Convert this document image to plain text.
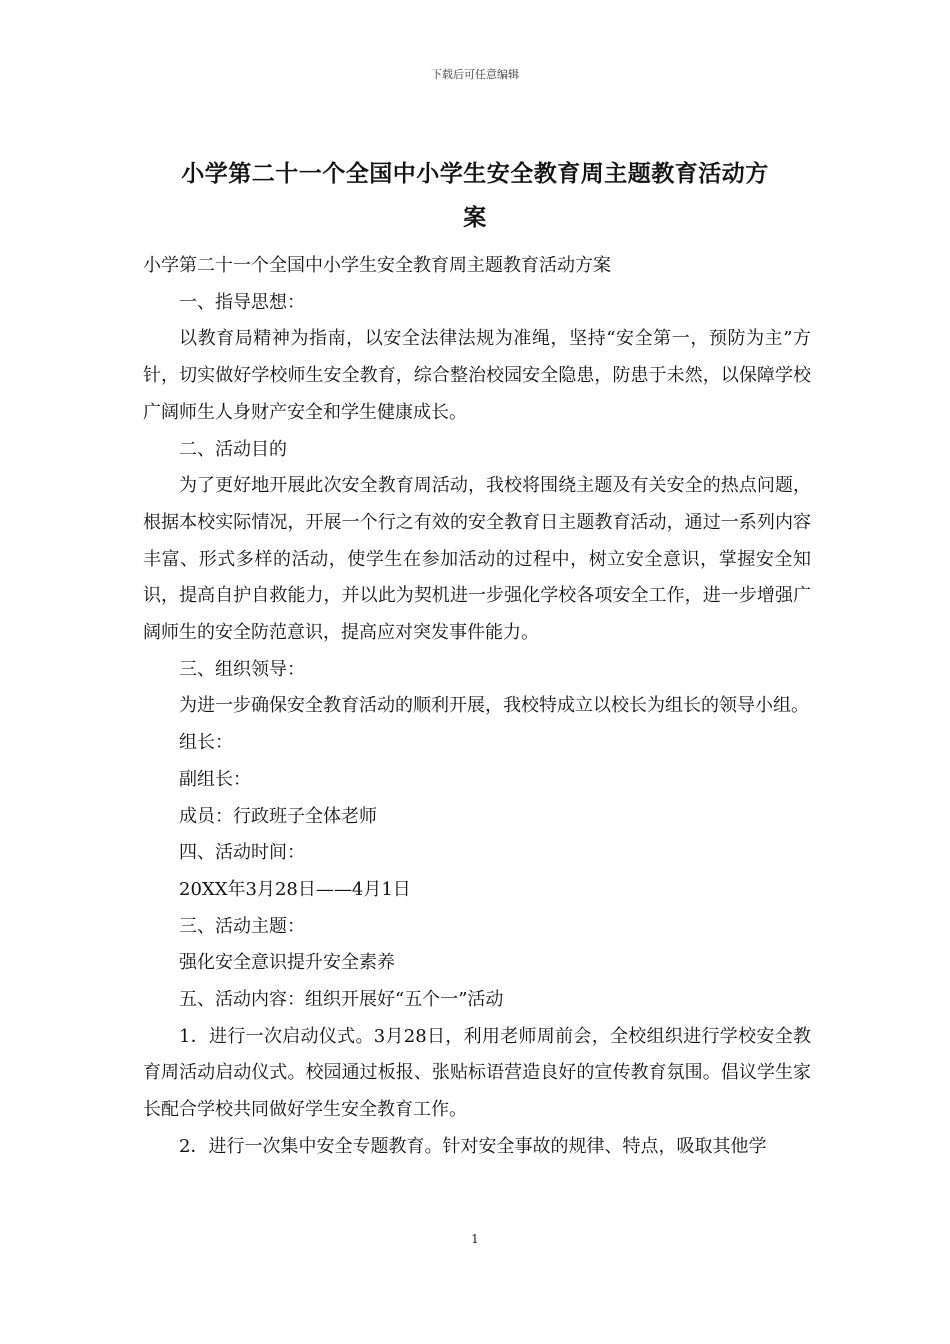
下载后可任意编辑
小学第二十一个全国中小学生安全教育周主题教育活动方
案

小学第二十一个全国中小学生安全教育周主题教育活动方案

一、指导思想：

以教育局精神为指南，以安全法律法规为准绳，坚持“安全第一，预防为主”方针，切实做好学校师生安全教育，综合整治校园安全隐患，防患于未然，以保障学校广阔师生人身财产安全和学生健康成长。

二、活动目的

为了更好地开展此次安全教育周活动，我校将围绕主题及有关安全的热点问题，根据本校实际情况，开展一个行之有效的安全教育日主题教育活动，通过一系列内容丰富、形式多样的活动，使学生在参加活动的过程中，树立安全意识，掌握安全知识，提高自护自救能力，并以此为契机进一步强化学校各项安全工作，进一步增强广阔师生的安全防范意识，提高应对突发事件能力。

三、组织领导：

为进一步确保安全教育活动的顺利开展，我校特成立以校长为组长的领导小组。

组长：

副组长：

成员：行政班子全体老师

四、活动时间：

20XX年3月28日——4月1日

三、活动主题：

强化安全意识提升安全素养

五、活动内容：组织开展好“五个一”活动

1．进行一次启动仪式。3月28日，利用老师周前会，全校组织进行学校安全教育周活动启动仪式。校园通过板报、张贴标语营造良好的宣传教育氛围。倡议学生家长配合学校共同做好学生安全教育工作。

2．进行一次集中安全专题教育。针对安全事故的规律、特点，吸取其他学

1
